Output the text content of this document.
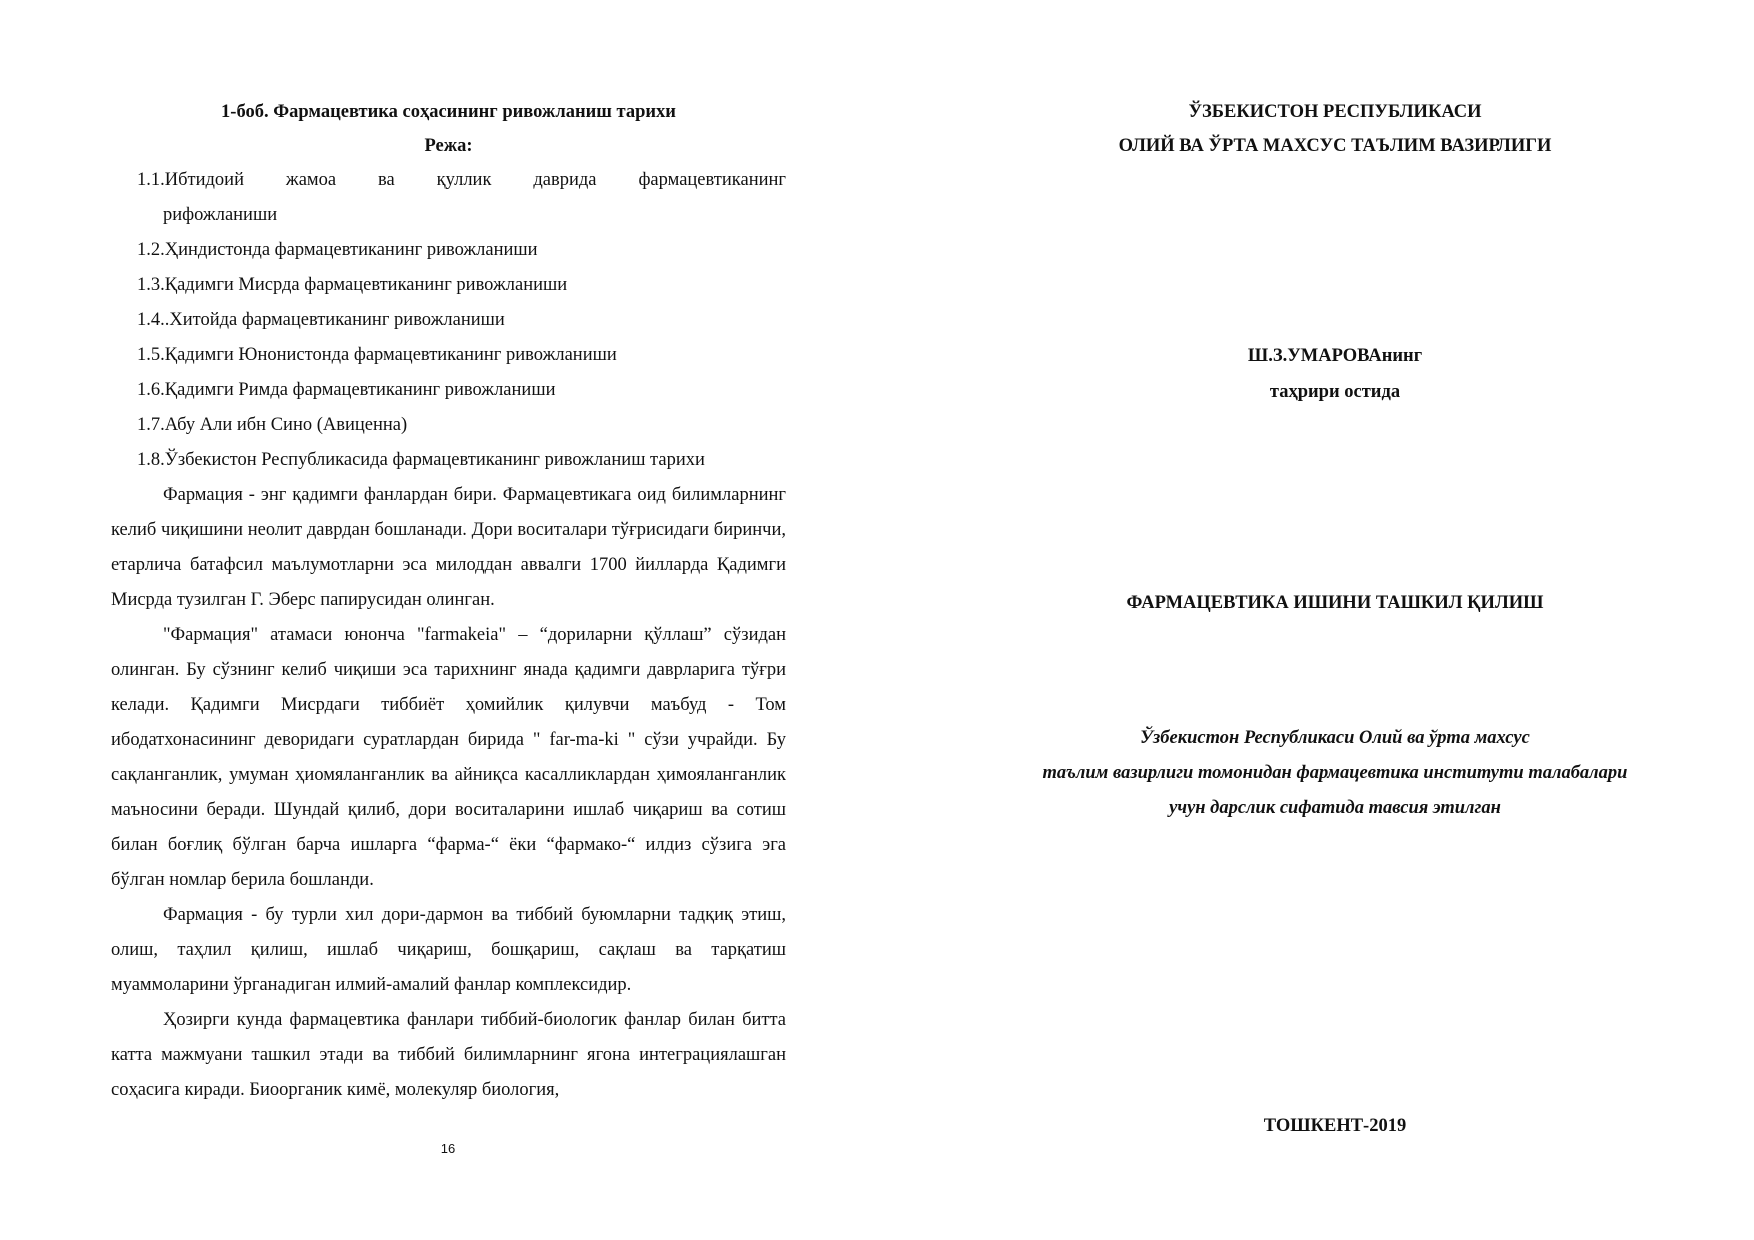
1-боб. Фармацевтика соҳасининг ривожланиш тарихи
Режа:
1.1.Ибтидоий жамоа ва қуллик даврида фармацевтиканинг
рифожланиши
1.2.Ҳиндистонда фармацевтиканинг ривожланиши
1.3.Қадимги Мисрда фармацевтиканинг ривожланиши
1.4..Хитойда фармацевтиканинг ривожланиши
1.5.Қадимги Юнонистонда фармацевтиканинг ривожланиши
1.6.Қадимги Римда фармацевтиканинг ривожланиши
1.7.Абу Али ибн Сино (Авиценна)
1.8.Ўзбекистон Республикасида фармацевтиканинг ривожланиш тарихи

Фармация - энг қадимги фанлардан бири. Фармацевтикага оид билимларнинг келиб чиқишини неолит даврдан бошланади. Дори воситалари тўғрисидаги биринчи, етарлича батафсил маълумотларни эса милоддан аввалги 1700 йилларда Қадимги Мисрда тузилган Г. Эберс папирусидан олинган.

"Фармация" атамаси юнонча "farmakeia" – “дориларни қўллаш” сўзидан олинган. Бу сўзнинг келиб чиқиши эса тарихнинг янада қадимги даврларига тўғри келади. Қадимги Мисрдаги тиббиёт ҳомийлик қилувчи маъбуд - Том ибодатхонасининг деворидаги суратлардан бирида " far-ma-ki " сўзи учрайди. Бу сақланганлик, умуман ҳиомяланганлик ва айниқса касалликлардан ҳимояланганлик маъносини беради. Шундай қилиб, дори воситаларини ишлаб чиқариш ва сотиш билан боғлиқ бўлган барча ишларга “фарма-“ ёки “фармако-“ илдиз сўзига эга бўлган номлар берила бошланди.

Фармация - бу турли хил дори-дармон ва тиббий буюмларни тадқиқ этиш, олиш, таҳлил қилиш, ишлаб чиқариш, бошқариш, сақлаш ва тарқатиш муаммоларини ўрганадиган илмий-амалий фанлар комплексидир.

Ҳозирги кунда фармацевтика фанлари тиббий-биологик фанлар билан битта катта мажмуани ташкил этади ва тиббий билимларнинг ягона интеграциялашган соҳасига киради. Биоорганик кимё, молекуляр биология,

16
ЎЗБЕКИСТОН РЕСПУБЛИКАСИ
ОЛИЙ ВА ЎРТА МАХСУС ТАЪЛИМ ВАЗИРЛИГИ
Ш.З.УМАРОВАнинг
таҳрири остида
ФАРМАЦЕВТИКА ИШИНИ ТАШКИЛ ҚИЛИШ
Ўзбекистон Республикаси Олий ва ўрта махсус
таълим вазирлиги томонидан фармацевтика институти талабалари
учун дарслик сифатида тавсия этилган
ТОШКЕНТ-2019
